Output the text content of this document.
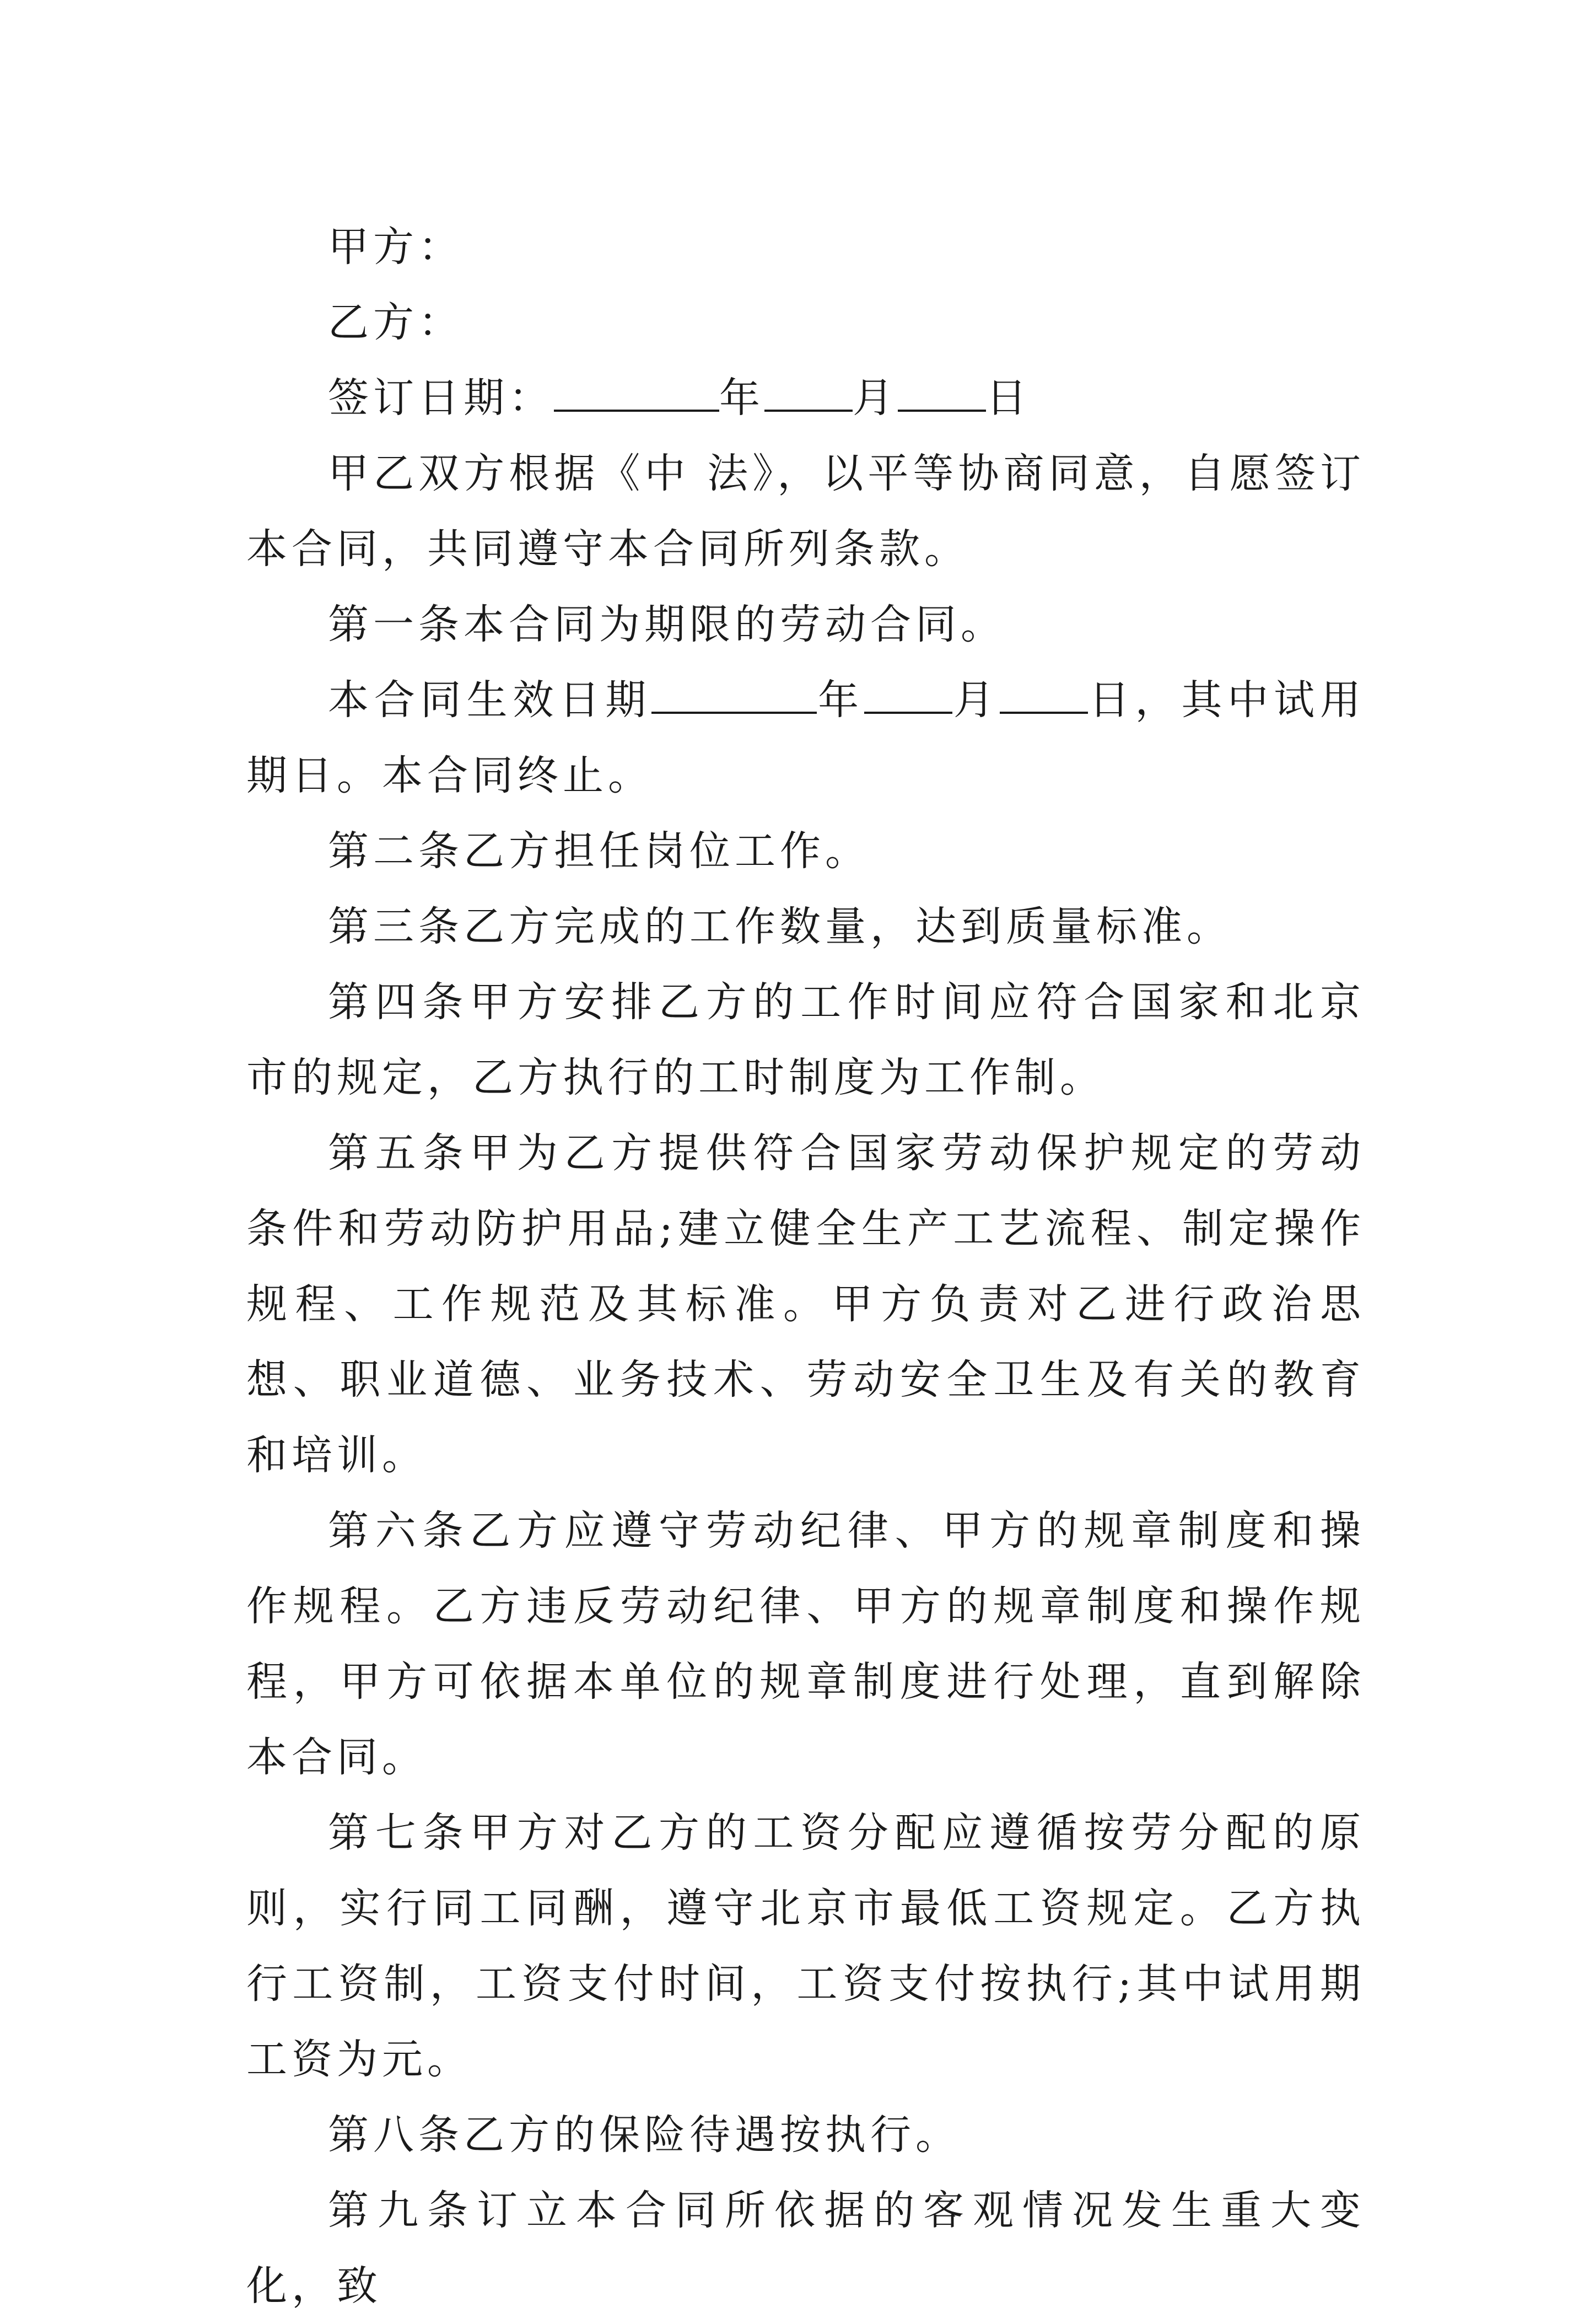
甲方：

乙方：

签订日期：	年 月 日

甲乙双方根据《中 法》，以平等协商同意，自愿签订本合同，共同遵守本合同所列条款。

第一条本合同为期限的劳动合同。

本合同生效日期	年 月 日，其中试用期日。本合同终止。

第二条乙方担任岗位工作。

第三条乙方完成的工作数量，达到质量标准。

第四条甲方安排乙方的工作时间应符合国家和北京市的规定，乙方执行的工时制度为工作制。

第五条甲为乙方提供符合国家劳动保护规定的劳动条件和劳动防护用品;建立健全生产工艺流程、制定操作规程、工作规范及其标准。甲方负责对乙进行政治思想、职业道德、业务技术、劳动安全卫生及有关的教育和培训。

第六条乙方应遵守劳动纪律、甲方的规章制度和操作规程。乙方违反劳动纪律、甲方的规章制度和操作规程，甲方可依据本单位的规章制度进行处理，直到解除本合同。

第七条甲方对乙方的工资分配应遵循按劳分配的原则，实行同工同酬，遵守北京市最低工资规定。乙方执行工资制，工资支付时间，工资支付按执行;其中试用期工资为元。

第八条乙方的保险待遇按执行。

第九条订立本合同所依据的客观情况发生重大变化，致
